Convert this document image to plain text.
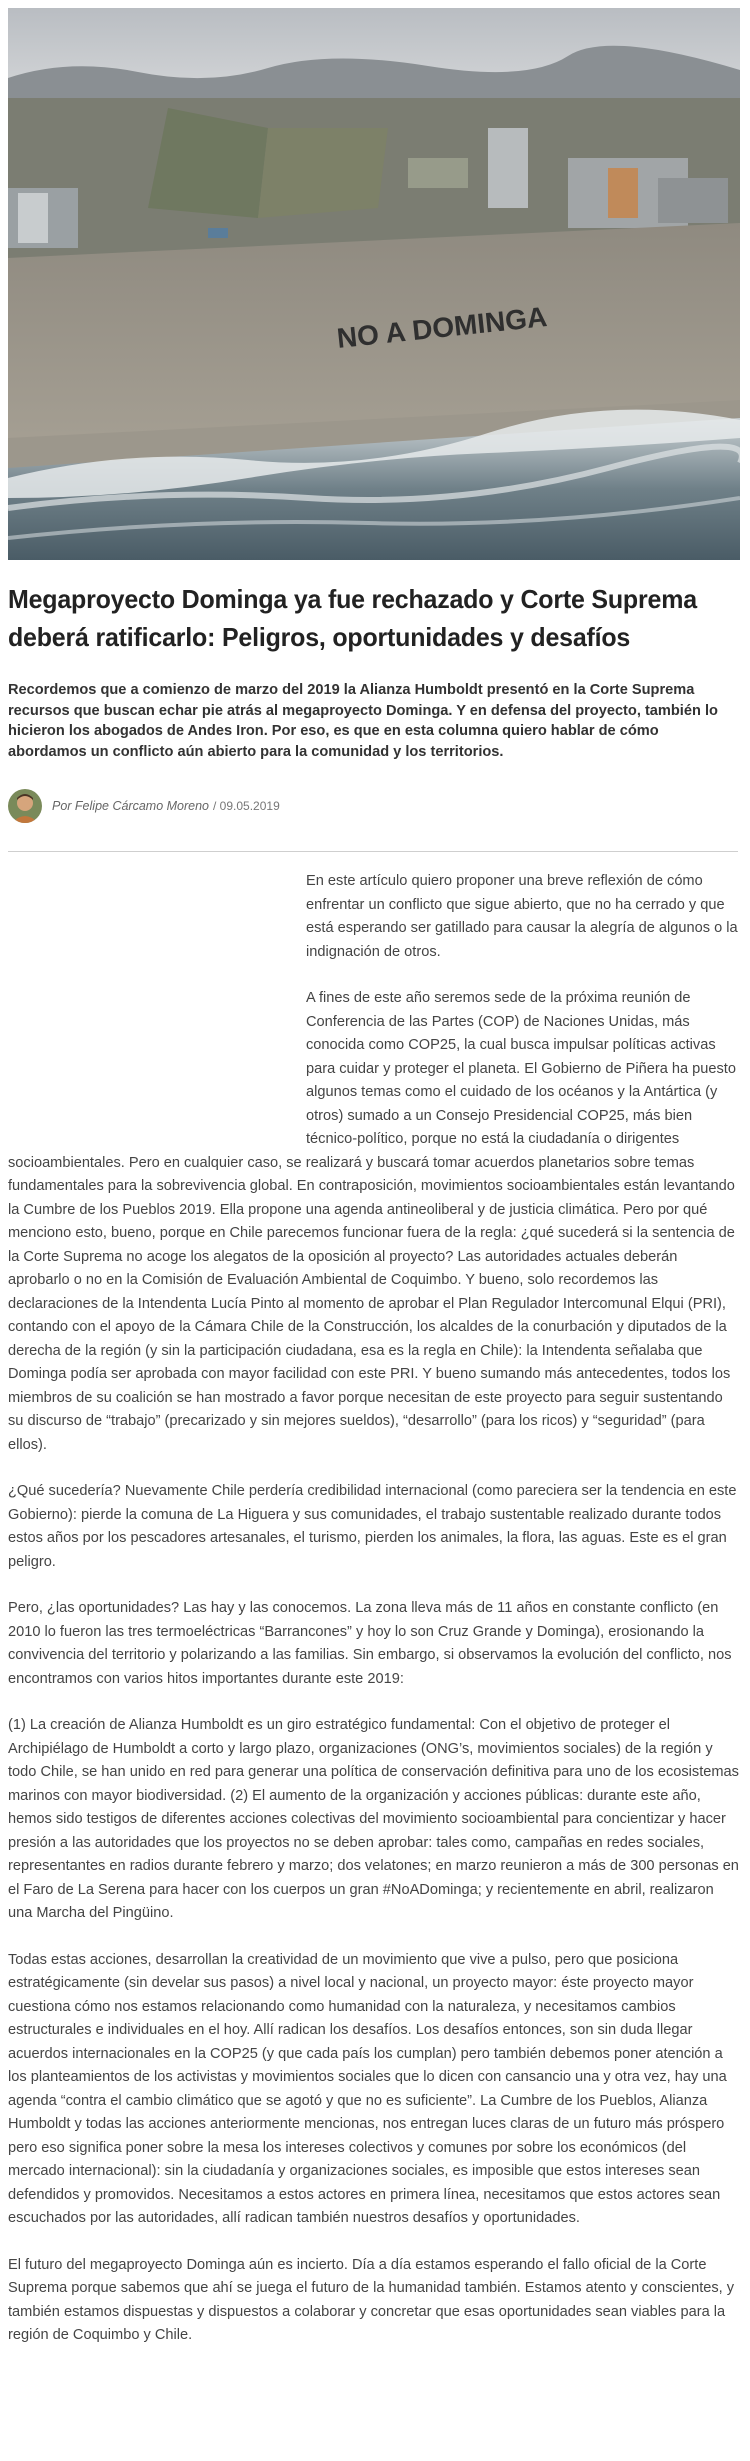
NO A DOMINGA
Megaproyecto Dominga ya fue rechazado y Corte Suprema deberá ratificarlo: Peligros, oportunidades y desafíos

Recordemos que a comienzo de marzo del 2019 la Alianza Humboldt presentó en la Corte Suprema recursos que buscan echar pie atrás al megaproyecto Dominga. Y en defensa del proyecto, también lo hicieron los abogados de Andes Iron. Por eso, es que en esta columna quiero hablar de cómo abordamos un conflicto aún abierto para la comunidad y los territorios.

Por Felipe Cárcamo Moreno / 09.05.2019

En este artículo quiero proponer una breve reflexión de cómo enfrentar un conflicto que sigue abierto, que no ha cerrado y que está esperando ser gatillado para causar la alegría de algunos o la indignación de otros.

A fines de este año seremos sede de la próxima reunión de Conferencia de las Partes (COP) de Naciones Unidas, más conocida como COP25, la cual busca impulsar políticas activas para cuidar y proteger el planeta. El Gobierno de Piñera ha puesto algunos temas como el cuidado de los océanos y la Antártica (y otros) sumado a un Consejo Presidencial COP25, más bien técnico-político, porque no está la ciudadanía o dirigentes socioambientales. Pero en cualquier caso, se realizará y buscará tomar acuerdos planetarios sobre temas fundamentales para la sobrevivencia global. En contraposición, movimientos socioambientales están levantando la Cumbre de los Pueblos 2019. Ella propone una agenda antineoliberal y de justicia climática. Pero por qué menciono esto, bueno, porque en Chile parecemos funcionar fuera de la regla: ¿qué sucederá si la sentencia de la Corte Suprema no acoge los alegatos de la oposición al proyecto? Las autoridades actuales deberán aprobarlo o no en la Comisión de Evaluación Ambiental de Coquimbo. Y bueno, solo recordemos las declaraciones de la Intendenta Lucía Pinto al momento de aprobar el Plan Regulador Intercomunal Elqui (PRI), contando con el apoyo de la Cámara Chile de la Construcción, los alcaldes de la conurbación y diputados de la derecha de la región (y sin la participación ciudadana, esa es la regla en Chile): la Intendenta señalaba que Dominga podía ser aprobada con mayor facilidad con este PRI. Y bueno sumando más antecedentes, todos los miembros de su coalición se han mostrado a favor porque necesitan de este proyecto para seguir sustentando su discurso de “trabajo” (precarizado y sin mejores sueldos), “desarrollo” (para los ricos) y “seguridad” (para ellos).

¿Qué sucedería? Nuevamente Chile perdería credibilidad internacional (como pareciera ser la tendencia en este Gobierno): pierde la comuna de La Higuera y sus comunidades, el trabajo sustentable realizado durante todos estos años por los pescadores artesanales, el turismo, pierden los animales, la flora, las aguas. Este es el gran peligro.

Pero, ¿las oportunidades? Las hay y las conocemos. La zona lleva más de 11 años en constante conflicto (en 2010 lo fueron las tres termoeléctricas “Barrancones” y hoy lo son Cruz Grande y Dominga), erosionando la convivencia del territorio y polarizando a las familias. Sin embargo, si observamos la evolución del conflicto, nos encontramos con varios hitos importantes durante este 2019:

(1) La creación de Alianza Humboldt es un giro estratégico fundamental: Con el objetivo de proteger el Archipiélago de Humboldt a corto y largo plazo, organizaciones (ONG’s, movimientos sociales) de la región y todo Chile, se han unido en red para generar una política de conservación definitiva para uno de los ecosistemas marinos con mayor biodiversidad. (2) El aumento de la organización y acciones públicas: durante este año, hemos sido testigos de diferentes acciones colectivas del movimiento socioambiental para concientizar y hacer presión a las autoridades que los proyectos no se deben aprobar: tales como, campañas en redes sociales, representantes en radios durante febrero y marzo; dos velatones; en marzo reunieron a más de 300 personas en el Faro de La Serena para hacer con los cuerpos un gran #NoADominga; y recientemente en abril, realizaron una Marcha del Pingüino.

Todas estas acciones, desarrollan la creatividad de un movimiento que vive a pulso, pero que posiciona estratégicamente (sin develar sus pasos) a nivel local y nacional, un proyecto mayor: éste proyecto mayor cuestiona cómo nos estamos relacionando como humanidad con la naturaleza, y necesitamos cambios estructurales e individuales en el hoy. Allí radican los desafíos. Los desafíos entonces, son sin duda llegar acuerdos internacionales en la COP25 (y que cada país los cumplan) pero también debemos poner atención a los planteamientos de los activistas y movimientos sociales que lo dicen con cansancio una y otra vez, hay una agenda “contra el cambio climático que se agotó y que no es suficiente”. La Cumbre de los Pueblos, Alianza Humboldt y todas las acciones anteriormente mencionas, nos entregan luces claras de un futuro más próspero pero eso significa poner sobre la mesa los intereses colectivos y comunes por sobre los económicos (del mercado internacional): sin la ciudadanía y organizaciones sociales, es imposible que estos intereses sean defendidos y promovidos. Necesitamos a estos actores en primera línea, necesitamos que estos actores sean escuchados por las autoridades, allí radican también nuestros desafíos y oportunidades.

El futuro del megaproyecto Dominga aún es incierto. Día a día estamos esperando el fallo oficial de la Corte Suprema porque sabemos que ahí se juega el futuro de la humanidad también. Estamos atento y conscientes, y también estamos dispuestas y dispuestos a colaborar y concretar que esas oportunidades sean viables para la región de Coquimbo y Chile.
